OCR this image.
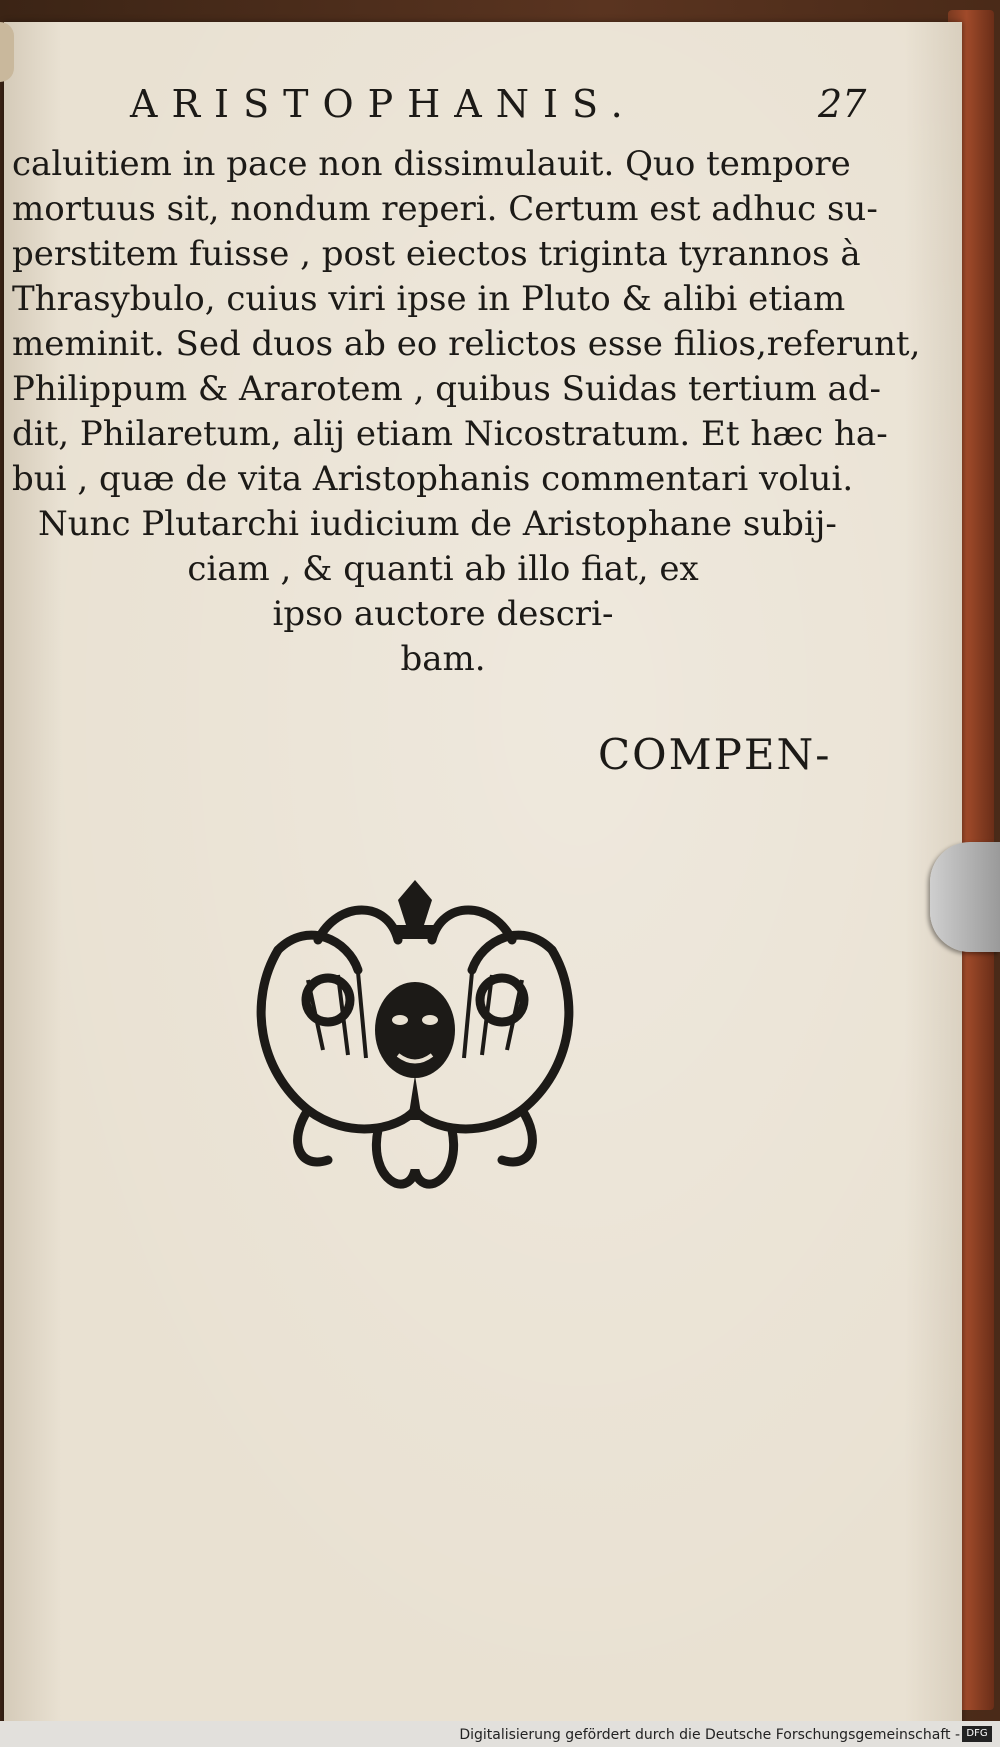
ARISTOPHANIS.	27
caluitiem in pace non dissimulauit. Quo tempore
mortuus sit, nondum reperi. Certum est adhuc su-
perstitem fuisse , post eiectos triginta tyrannos à
Thrasybulo, cuius viri ipse in Pluto & alibi etiam
meminit. Sed duos ab eo relictos esse filios,referunt,
Philippum & Ararotem , quibus Suidas tertium ad-
dit, Philaretum, alij etiam Nicostratum. Et hæc ha-
bui , quæ de vita Aristophanis commentari volui.
Nunc Plutarchi iudicium de Aristophane subij-
ciam , & quanti ab illo fiat, ex
ipso auctore descri-
bam.
COMPEN-
Digitalisierung gefördert durch die Deutsche Forschungsgemeinschaft - DFG
